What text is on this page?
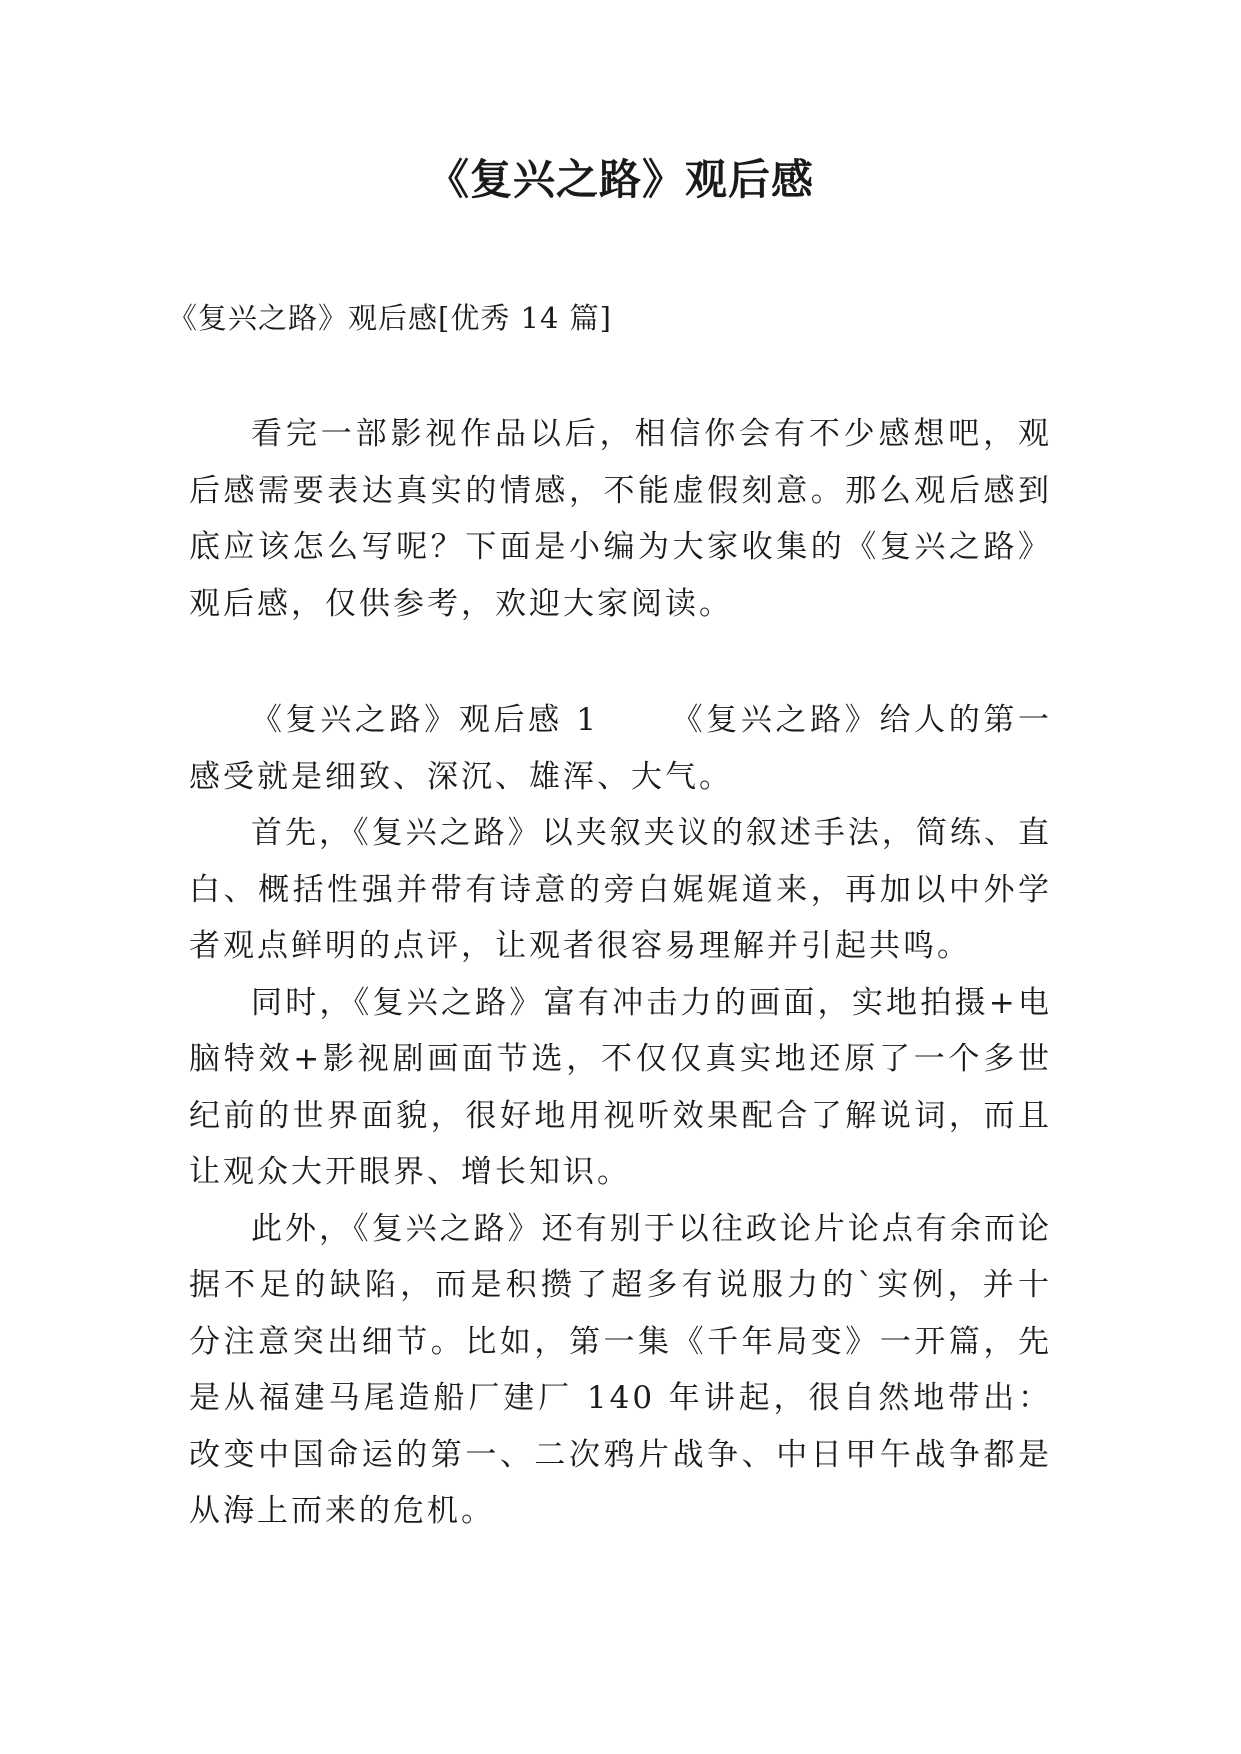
《复兴之路》观后感
《复兴之路》观后感[优秀 14 篇]

看完一部影视作品以后，相信你会有不少感想吧，观后感需要表达真实的情感，不能虚假刻意。那么观后感到底应该怎么写呢？下面是小编为大家收集的《复兴之路》观后感，仅供参考，欢迎大家阅读。

《复兴之路》观后感 1 《复兴之路》给人的第一感受就是细致、深沉、雄浑、大气。

首先，《复兴之路》以夹叙夹议的叙述手法，简练、直白、概括性强并带有诗意的旁白娓娓道来，再加以中外学者观点鲜明的点评，让观者很容易理解并引起共鸣。

同时，《复兴之路》富有冲击力的画面，实地拍摄+电脑特效+影视剧画面节选，不仅仅真实地还原了一个多世纪前的世界面貌，很好地用视听效果配合了解说词，而且让观众大开眼界、增长知识。

此外，《复兴之路》还有别于以往政论片论点有余而论据不足的缺陷，而是积攒了超多有说服力的`实例，并十分注意突出细节。比如，第一集《千年局变》一开篇，先是从福建马尾造船厂建厂 140 年讲起，很自然地带出：改变中国命运的第一、二次鸦片战争、中日甲午战争都是从海上而来的危机。
